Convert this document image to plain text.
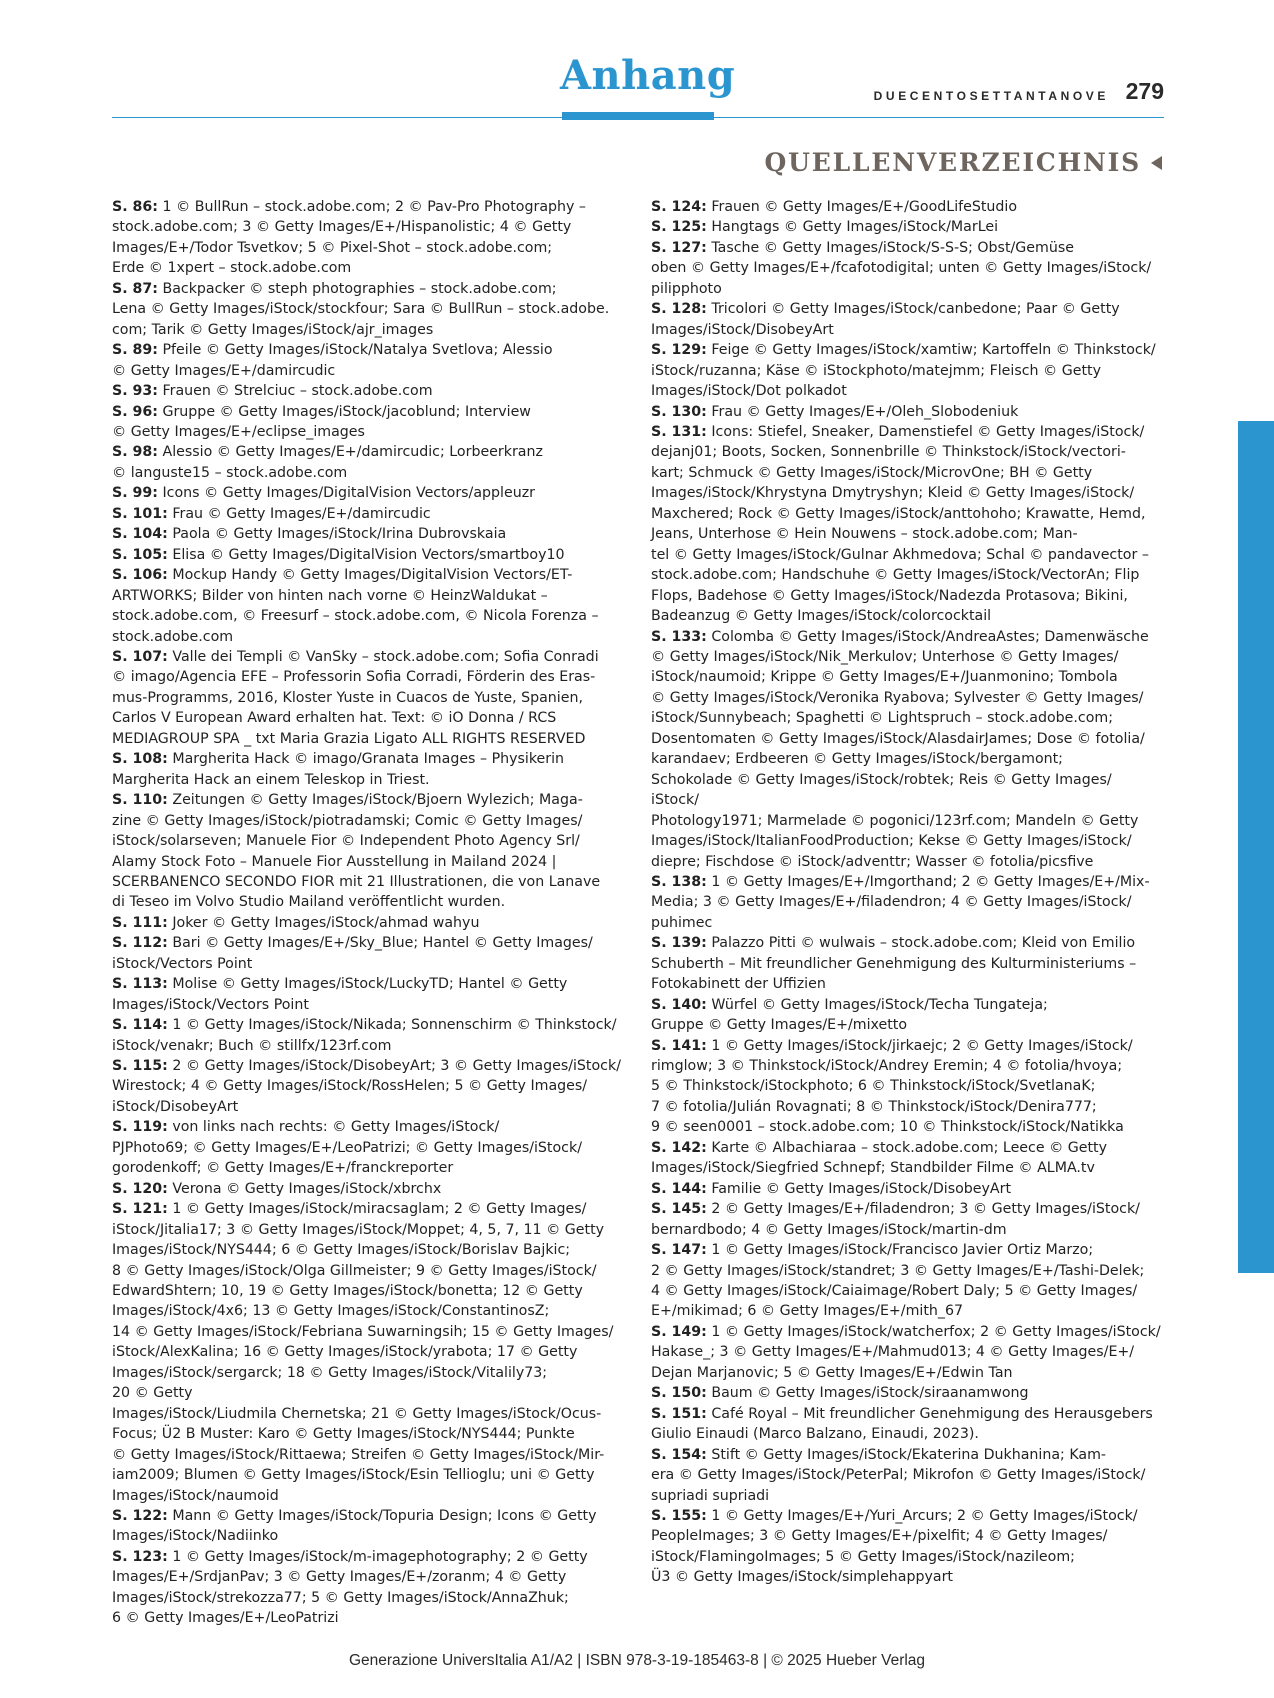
Anhang	DUECENTOSETTANTANOVE 279
QUELLENVERZEICHNIS

S. 86: 1 © BullRun – stock.adobe.com; 2 © Pav-Pro Photography –
stock.adobe.com; 3 © Getty Images/E+/Hispanolistic; 4 © Getty
Images/E+/Todor Tsvetkov; 5 © Pixel-Shot – stock.adobe.com;
Erde © 1xpert – stock.adobe.com

S. 87: Backpacker © steph photographies – stock.adobe.com;
Lena © Getty Images/iStock/stockfour; Sara © BullRun – stock.adobe.
com; Tarik © Getty Images/iStock/ajr_images

S. 89: Pfeile © Getty Images/iStock/Natalya Svetlova; Alessio
© Getty Images/E+/damircudic

S. 93: Frauen © Strelciuc – stock.adobe.com

S. 96: Gruppe © Getty Images/iStock/jacoblund; Interview
© Getty Images/E+/eclipse_images

S. 98: Alessio © Getty Images/E+/damircudic; Lorbeerkranz
© languste15 – stock.adobe.com

S. 99: Icons © Getty Images/DigitalVision Vectors/appleuzr

S. 101: Frau © Getty Images/E+/damircudic

S. 104: Paola © Getty Images/iStock/Irina Dubrovskaia

S. 105: Elisa © Getty Images/DigitalVision Vectors/smartboy10

S. 106: Mockup Handy © Getty Images/DigitalVision Vectors/ET-
ARTWORKS; Bilder von hinten nach vorne © HeinzWaldukat –
stock.adobe.com, © Freesurf – stock.adobe.com, © Nicola Forenza –
stock.adobe.com

S. 107: Valle dei Templi © VanSky – stock.adobe.com; Sofia Conradi
© imago/Agencia EFE – Professorin Sofia Corradi, Förderin des Eras-
mus-Programms, 2016, Kloster Yuste in Cuacos de Yuste, Spanien,
Carlos V European Award erhalten hat. Text: © iO Donna / RCS
MEDIAGROUP SPA _ txt Maria Grazia Ligato ALL RIGHTS RESERVED

S. 108: Margherita Hack © imago/Granata Images – Physikerin
Margherita Hack an einem Teleskop in Triest.

S. 110: Zeitungen © Getty Images/iStock/Bjoern Wylezich; Maga-
zine © Getty Images/iStock/piotradamski; Comic © Getty Images/
iStock/solarseven; Manuele Fior © Independent Photo Agency Srl/
Alamy Stock Foto – Manuele Fior Ausstellung in Mailand 2024 |
SCERBANENCO SECONDO FIOR mit 21 Illustrationen, die von Lanave
di Teseo im Volvo Studio Mailand veröffentlicht wurden.

S. 111: Joker © Getty Images/iStock/ahmad wahyu

S. 112: Bari © Getty Images/E+/Sky_Blue; Hantel © Getty Images/
iStock/Vectors Point

S. 113: Molise © Getty Images/iStock/LuckyTD; Hantel © Getty
Images/iStock/Vectors Point

S. 114: 1 © Getty Images/iStock/Nikada; Sonnenschirm © Thinkstock/
iStock/venakr; Buch © stillfx/123rf.com

S. 115: 2 © Getty Images/iStock/DisobeyArt; 3 © Getty Images/iStock/
Wirestock; 4 © Getty Images/iStock/RossHelen; 5 © Getty Images/
iStock/DisobeyArt

S. 119: von links nach rechts: © Getty Images/iStock/
PJPhoto69; © Getty Images/E+/LeoPatrizi; © Getty Images/iStock/
gorodenkoff; © Getty Images/E+/franckreporter

S. 120: Verona © Getty Images/iStock/xbrchx

S. 121: 1 © Getty Images/iStock/miracsaglam; 2 © Getty Images/
iStock/Jitalia17; 3 © Getty Images/iStock/Moppet; 4, 5, 7, 11 © Getty
Images/iStock/NYS444; 6 © Getty Images/iStock/Borislav Bajkic;
8 © Getty Images/iStock/Olga Gillmeister; 9 © Getty Images/iStock/
EdwardShtern; 10, 19 © Getty Images/iStock/bonetta; 12 © Getty
Images/iStock/4x6; 13 © Getty Images/iStock/ConstantinosZ;
14 © Getty Images/iStock/Febriana Suwarningsih; 15 © Getty Images/
iStock/AlexKalina; 16 © Getty Images/iStock/yrabota; 17 © Getty
Images/iStock/sergarck; 18 © Getty Images/iStock/Vitalily73;
20 © Getty
Images/iStock/Liudmila Chernetska; 21 © Getty Images/iStock/Ocus-
Focus; Ü2 B Muster: Karo © Getty Images/iStock/NYS444; Punkte
© Getty Images/iStock/Rittaewa; Streifen © Getty Images/iStock/Mir-
iam2009; Blumen © Getty Images/iStock/Esin Tellioglu; uni © Getty
Images/iStock/naumoid

S. 122: Mann © Getty Images/iStock/Topuria Design; Icons © Getty
Images/iStock/Nadiinko

S. 123: 1 © Getty Images/iStock/m-imagephotography; 2 © Getty
Images/E+/SrdjanPav; 3 © Getty Images/E+/zoranm; 4 © Getty
Images/iStock/strekozza77; 5 © Getty Images/iStock/AnnaZhuk;
6 © Getty Images/E+/LeoPatrizi

S. 124: Frauen © Getty Images/E+/GoodLifeStudio

S. 125: Hangtags © Getty Images/iStock/MarLei

S. 127: Tasche © Getty Images/iStock/S-S-S; Obst/Gemüse
oben © Getty Images/E+/fcafotodigital; unten © Getty Images/iStock/
pilipphoto

S. 128: Tricolori © Getty Images/iStock/canbedone; Paar © Getty
Images/iStock/DisobeyArt

S. 129: Feige © Getty Images/iStock/xamtiw; Kartoffeln © Thinkstock/
iStock/ruzanna; Käse © iStockphoto/matejmm; Fleisch © Getty
Images/iStock/Dot polkadot

S. 130: Frau © Getty Images/E+/Oleh_Slobodeniuk

S. 131: Icons: Stiefel, Sneaker, Damenstiefel © Getty Images/iStock/
dejanj01; Boots, Socken, Sonnenbrille © Thinkstock/iStock/vectori-
kart; Schmuck © Getty Images/iStock/MicrovOne; BH © Getty
Images/iStock/Khrystyna Dmytryshyn; Kleid © Getty Images/iStock/
Maxchered; Rock © Getty Images/iStock/anttohoho; Krawatte, Hemd,
Jeans, Unterhose © Hein Nouwens – stock.adobe.com; Man-
tel © Getty Images/iStock/Gulnar Akhmedova; Schal © pandavector –
stock.adobe.com; Handschuhe © Getty Images/iStock/VectorAn; Flip
Flops, Badehose © Getty Images/iStock/Nadezda Protasova; Bikini,
Badeanzug © Getty Images/iStock/colorcocktail

S. 133: Colomba © Getty Images/iStock/AndreaAstes; Damenwäsche
© Getty Images/iStock/Nik_Merkulov; Unterhose © Getty Images/
iStock/naumoid; Krippe © Getty Images/E+/Juanmonino; Tombola
© Getty Images/iStock/Veronika Ryabova; Sylvester © Getty Images/
iStock/Sunnybeach; Spaghetti © Lightspruch – stock.adobe.com;
Dosentomaten © Getty Images/iStock/AlasdairJames; Dose © fotolia/
karandaev; Erdbeeren © Getty Images/iStock/bergamont;
Schokolade © Getty Images/iStock/robtek; Reis © Getty Images/
iStock/
Photology1971; Marmelade © pogonici/123rf.com; Mandeln © Getty
Images/iStock/ItalianFoodProduction; Kekse © Getty Images/iStock/
diepre; Fischdose © iStock/adventtr; Wasser © fotolia/picsfive

S. 138: 1 © Getty Images/E+/Imgorthand; 2 © Getty Images/E+/Mix-
Media; 3 © Getty Images/E+/filadendron; 4 © Getty Images/iStock/
puhimec

S. 139: Palazzo Pitti © wulwais – stock.adobe.com; Kleid von Emilio
Schuberth – Mit freundlicher Genehmigung des Kulturministeriums –
Fotokabinett der Uffizien

S. 140: Würfel © Getty Images/iStock/Techa Tungateja;
Gruppe © Getty Images/E+/mixetto

S. 141: 1 © Getty Images/iStock/jirkaejc; 2 © Getty Images/iStock/
rimglow; 3 © Thinkstock/iStock/Andrey Eremin; 4 © fotolia/hvoya;
5 © Thinkstock/iStockphoto; 6 © Thinkstock/iStock/SvetlanaK;
7 © fotolia/Julián Rovagnati; 8 © Thinkstock/iStock/Denira777;
9 © seen0001 – stock.adobe.com; 10 © Thinkstock/iStock/Natikka

S. 142: Karte © Albachiaraa – stock.adobe.com; Leece © Getty
Images/iStock/Siegfried Schnepf; Standbilder Filme © ALMA.tv

S. 144: Familie © Getty Images/iStock/DisobeyArt

S. 145: 2 © Getty Images/E+/filadendron; 3 © Getty Images/iStock/
bernardbodo; 4 © Getty Images/iStock/martin-dm

S. 147: 1 © Getty Images/iStock/Francisco Javier Ortiz Marzo;
2 © Getty Images/iStock/standret; 3 © Getty Images/E+/Tashi-Delek;
4 © Getty Images/iStock/Caiaimage/Robert Daly; 5 © Getty Images/
E+/mikimad; 6 © Getty Images/E+/mith_67

S. 149: 1 © Getty Images/iStock/watcherfox; 2 © Getty Images/iStock/
Hakase_; 3 © Getty Images/E+/Mahmud013; 4 © Getty Images/E+/
Dejan Marjanovic; 5 © Getty Images/E+/Edwin Tan

S. 150: Baum © Getty Images/iStock/siraanamwong

S. 151: Café Royal – Mit freundlicher Genehmigung des Herausgebers
Giulio Einaudi (Marco Balzano, Einaudi, 2023).

S. 154: Stift © Getty Images/iStock/Ekaterina Dukhanina; Kam-
era © Getty Images/iStock/PeterPal; Mikrofon © Getty Images/iStock/
supriadi supriadi

S. 155: 1 © Getty Images/E+/Yuri_Arcurs; 2 © Getty Images/iStock/
PeopleImages; 3 © Getty Images/E+/pixelfit; 4 © Getty Images/
iStock/FlamingoImages; 5 © Getty Images/iStock/nazileom;
Ü3 © Getty Images/iStock/simplehappyart

Generazione UniversItalia A1/A2 | ISBN 978-3-19-185463-8 | © 2025 Hueber Verlag
